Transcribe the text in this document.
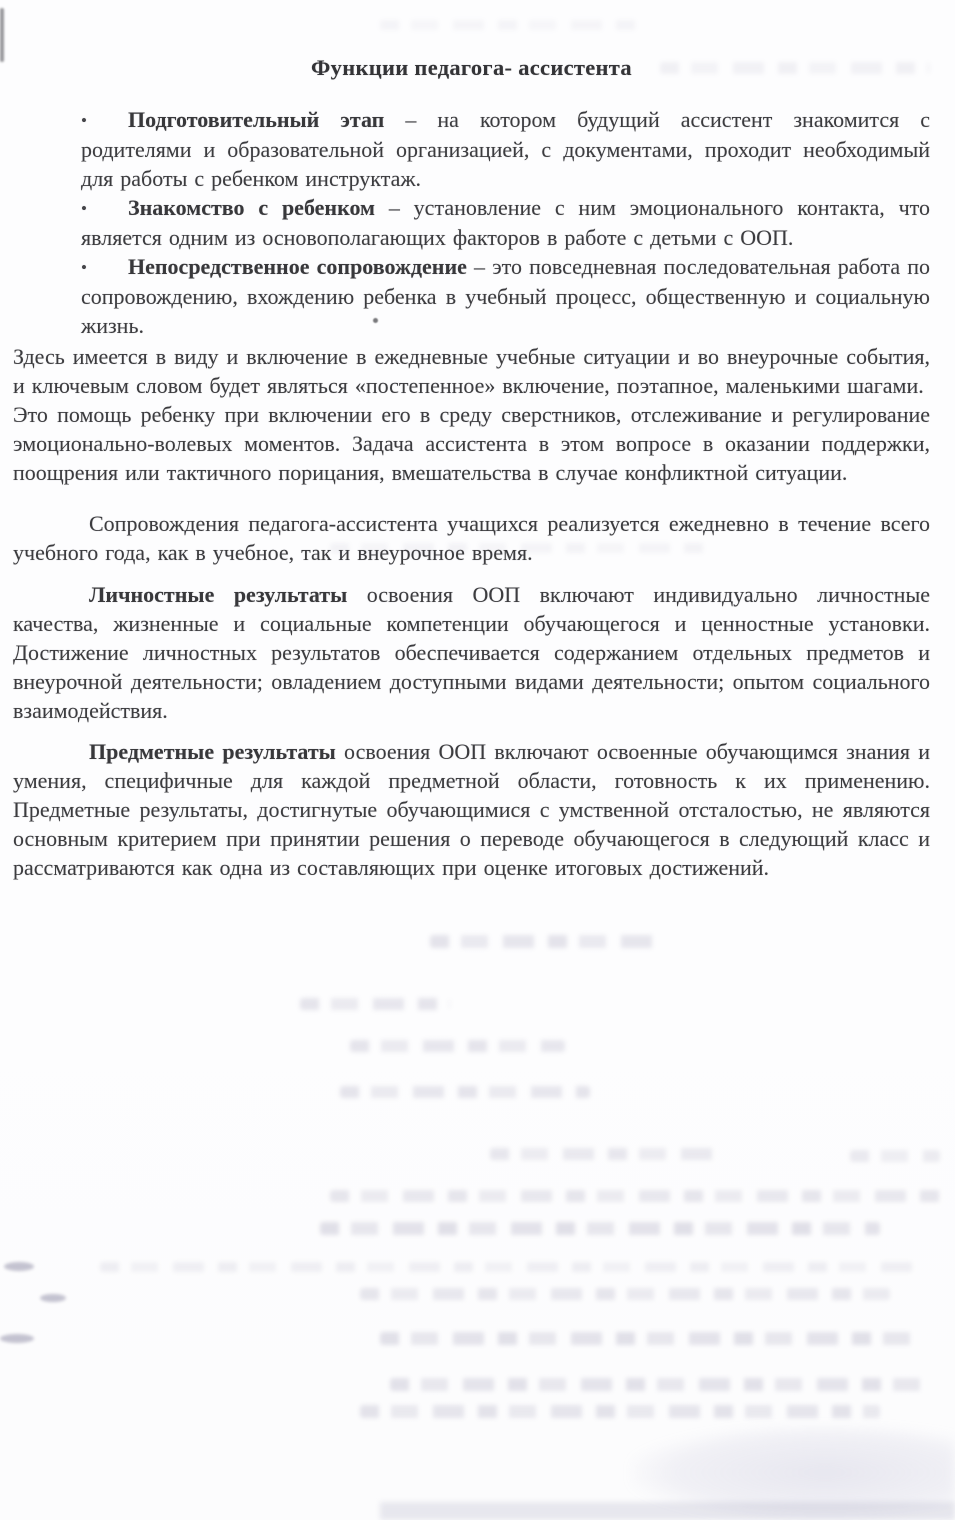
Функции педагога- ассистента
• Подготовительный этап – на котором будущий ассистент знакомится с родителями и образовательной организацией, с документами, проходит необходимый для работы с ребенком инструктаж.
• Знакомство с ребенком – установление с ним эмоционального контакта, что является одним из основополагающих факторов в работе с детьми с ООП.
• Непосредственное сопровождение – это повседневная последовательная работа по сопровождению, вхождению ребенка в учебный процесс, общественную и социальную жизнь.

Здесь имеется в виду и включение в ежедневные учебные ситуации и во внеурочные события, и ключевым словом будет являться «постепенное» включение, поэтапное, маленькими шагами.

Это помощь ребенку при включении его в среду сверстников, отслеживание и регулирование эмоционально-волевых моментов. Задача ассистента в этом вопросе в оказании поддержки, поощрения или тактичного порицания, вмешательства в случае конфликтной ситуации.

Сопровождения педагога-ассистента учащихся реализуется ежедневно в течение всего учебного года, как в учебное, так и внеурочное время.

Личностные результаты освоения ООП включают индивидуально личностные качества, жизненные и социальные компетенции обучающегося и ценностные установки. Достижение личностных результатов обеспечивается содержанием отдельных предметов и внеурочной деятельности; овладением доступными видами деятельности; опытом социального взаимодействия.

Предметные результаты освоения ООП включают освоенные обучающимся знания и умения, специфичные для каждой предметной области, готовность к их применению. Предметные результаты, достигнутые обучающимися с умственной отсталостью, не являются основным критерием при принятии решения о переводе обучающегося в следующий класс и рассматриваются как одна из составляющих при оценке итоговых достижений.
